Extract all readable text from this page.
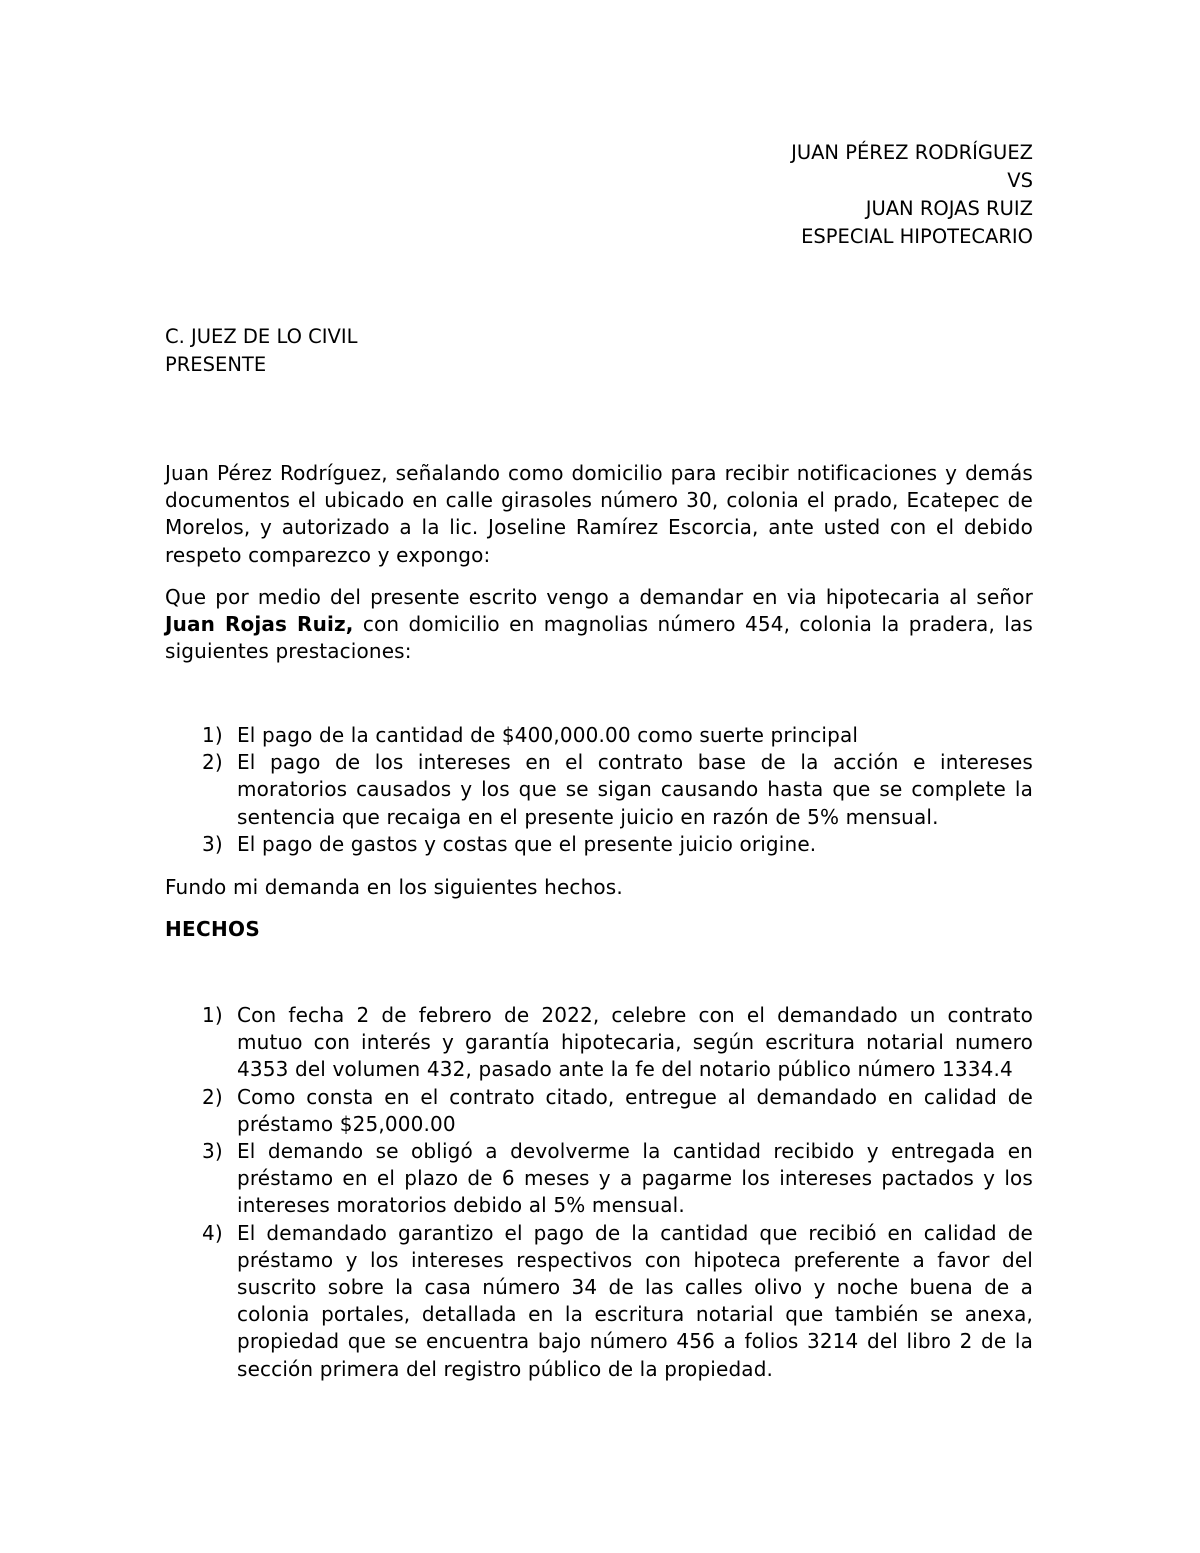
JUAN PÉREZ RODRÍGUEZ
VS
JUAN ROJAS RUIZ
ESPECIAL HIPOTECARIO
C. JUEZ DE LO CIVIL
PRESENTE

Juan Pérez Rodríguez, señalando como domicilio para recibir notificaciones y demás documentos el ubicado en calle girasoles número 30, colonia el prado, Ecatepec de Morelos, y autorizado a la lic. Joseline Ramírez Escorcia, ante usted con el debido respeto comparezco y expongo:

Que por medio del presente escrito vengo a demandar en via hipotecaria al señor Juan Rojas Ruiz, con domicilio en magnolias número 454, colonia la pradera, las siguientes prestaciones:

1) El pago de la cantidad de $400,000.00 como suerte principal
2) El pago de los intereses en el contrato base de la acción e intereses moratorios causados y los que se sigan causando hasta que se complete la sentencia que recaiga en el presente juicio en razón de 5% mensual.
3) El pago de gastos y costas que el presente juicio origine.
Fundo mi demanda en los siguientes hechos.
HECHOS
1) Con fecha 2 de febrero de 2022, celebre con el demandado un contrato mutuo con interés y garantía hipotecaria, según escritura notarial numero 4353 del volumen 432, pasado ante la fe del notario público número 1334.4
2) Como consta en el contrato citado, entregue al demandado en calidad de préstamo $25,000.00
3) El demando se obligó a devolverme la cantidad recibido y entregada en préstamo en el plazo de 6 meses y a pagarme los intereses pactados y los intereses moratorios debido al 5% mensual.
4) El demandado garantizo el pago de la cantidad que recibió en calidad de préstamo y los intereses respectivos con hipoteca preferente a favor del suscrito sobre la casa número 34 de las calles olivo y noche buena de a colonia portales, detallada en la escritura notarial que también se anexa, propiedad que se encuentra bajo número 456 a folios 3214 del libro 2 de la sección primera del registro público de la propiedad.
